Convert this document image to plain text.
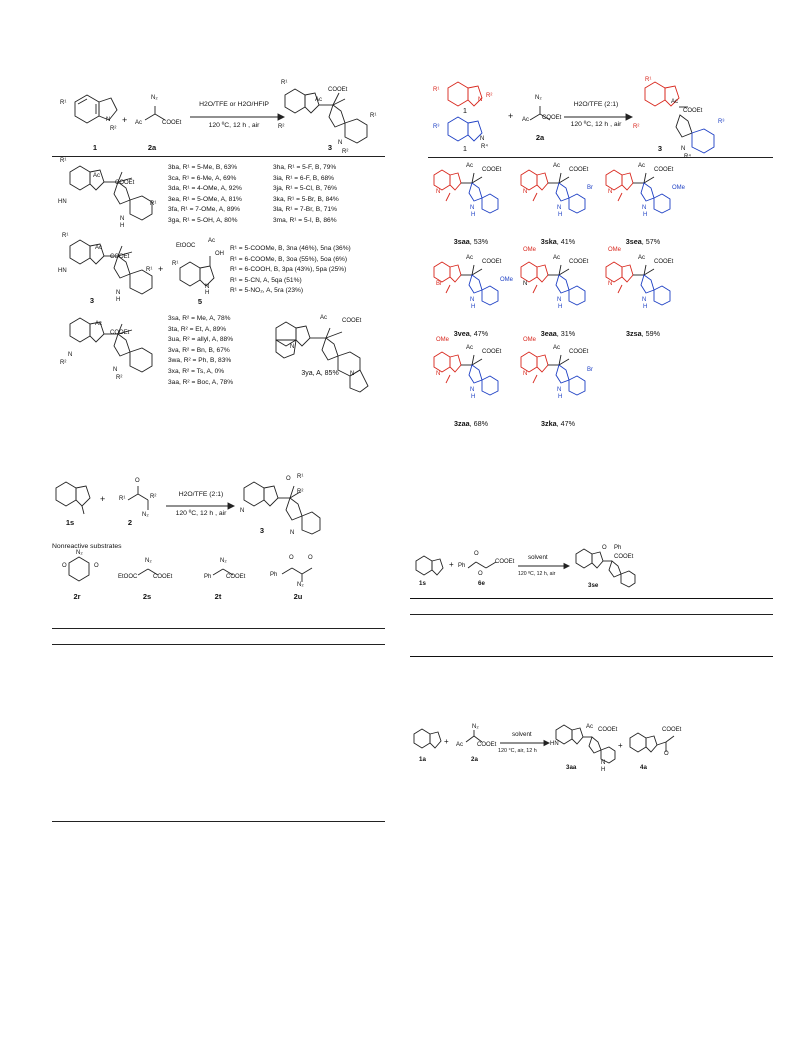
R¹
N
R²
1
+
N₂
Ac	COOEt
2a
H2O/TFE or H2O/HFIP
120 ºC, 12 h , air
R¹
R²
Ac
COOEt
R¹
N
R²
3
R¹
Ac
COOEt
HN	R¹
N
H
3ba, R¹ = 5-Me, B, 63%
3ca, R¹ = 6-Me, A, 69%
3da, R¹ = 4-OMe, A, 92%
3ea, R¹ = 5-OMe, A, 81%
3fa, R¹ = 7-OMe, A, 89%
3ga, R¹ = 5-OH, A, 80%
3ha, R¹ = 5-F, B, 79%
3ia, R¹ = 6-F, B, 68%
3ja, R¹ = 5-Cl, B, 76%
3ka, R¹ = 5-Br, B, 84%
3la, R¹ = 7-Br, B, 71%
3ma, R¹ = 5-I, B, 86%
R¹
Ac
COOEt
HN	R¹
N
H
3
+
EtOOC
Ac
OH
R¹
N
H
5
R¹ = 5-COOMe, B, 3na (46%), 5na (36%)
R¹ = 6-COOMe, B, 3oa (55%), 5oa (6%)
R¹ = 6-COOH, B, 3pa (43%), 5pa (25%)
R¹ = 5-CN, A, 5qa (51%)
R¹ = 5-NO₂, A, 5ra (23%)
Ac
COOEt
N
R²
N
R²
3sa, R² = Me, A, 78%
3ta, R² = Et, A, 89%
3ua, R² = allyl, A, 88%
3va, R² = Bn, B, 67%
3wa, R² = Ph, B, 83%
3xa, R² = Ts, A, 0%
3aa, R² = Boc, A, 78%
Ac COOEt
N
N
3ya, A, 85%
R¹
N
R²
1
R³
N
R⁴
1
+
N₂
Ac COOEt
2a
H2O/TFE (2:1)
120 ºC, 12 h , air
R¹
R²
Ac
COOEt
R³
N
R⁴
3
Ac
COOEt
N
N
H
3saa, 53%
Ac
COOEt
N
N
H
Br
3ska, 41%
Ac
COOEt
N
N
H
OMe
3sea, 57%
Ac
COOEt
Br
N
H
OMe
3vea, 47%
Ac
COOEt
N
N
H
OMe
3eaa, 31%
Ac
COOEt
N
N
H
OMe
3zsa, 59%
Ac
COOEt
N
N
H
OMe
3zaa, 68%
Ac
COOEt
N
N
H
Br
OMe
3zka, 47%
1s
+
O
R¹	R²
N₂
2
H2O/TFE (2:1)
120 ºC, 12 h , air
O R¹
R²
N
N
3
Nonreactive substrates
N₂
O	O
2r
N₂
EtOOC	COOEt
2s
N₂
Ph COOEt
2t
O O
Ph
N₂
2u
1s
+
O
O
Ph
COOEt
6e
solvent
120 ºC, 12 h, air
O Ph
COOEt
3se
1a
+
N₂
Ac COOEt
2a
solvent
120 °C, air, 12 h
Ac COOEt
HN
N
H
3aa
+
COOEt
O
4a
